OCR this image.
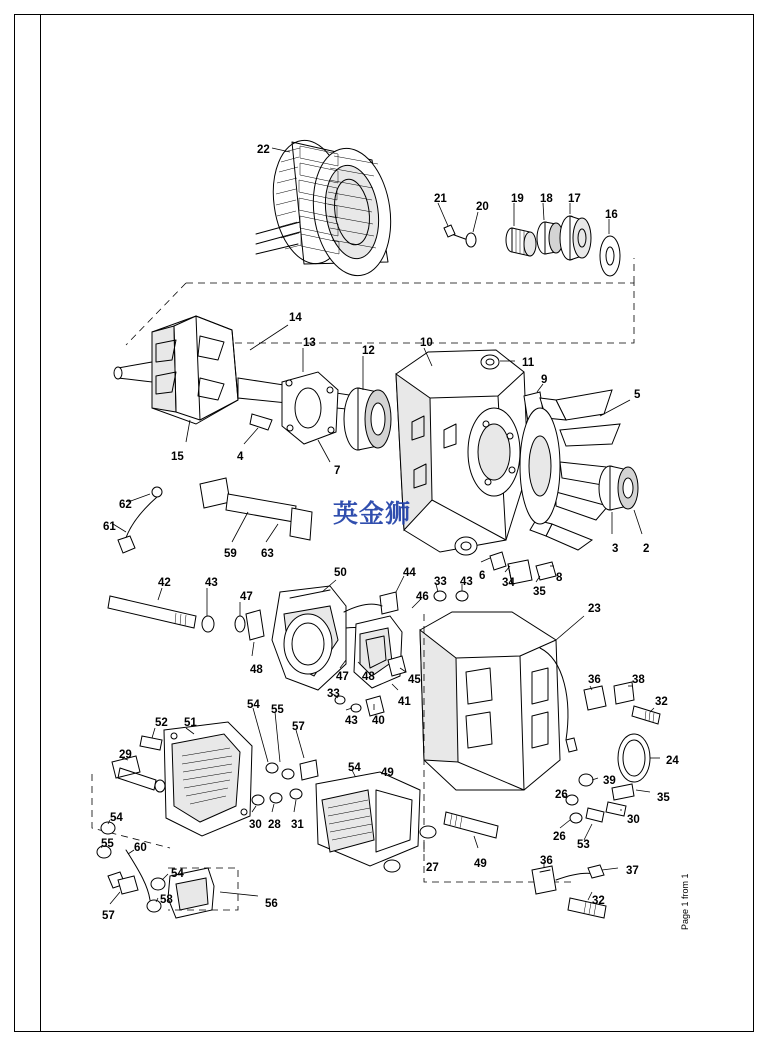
Page 1 from 1
英金狮
22
21
20
19 18 17
16
14
13
12
10
11
9
5
15	4
7
3 2
62
61
59 63
6
34
35
8
33 43
44
46
50
42	43
47
48
47 48	45
33
43 40
41
23
36	38
32
24
39
35
26
26
53
30
54 55
57
54 49
52 51
29
30 28 31
54
55 60
57
54
58	56
27	49	36
37
32
